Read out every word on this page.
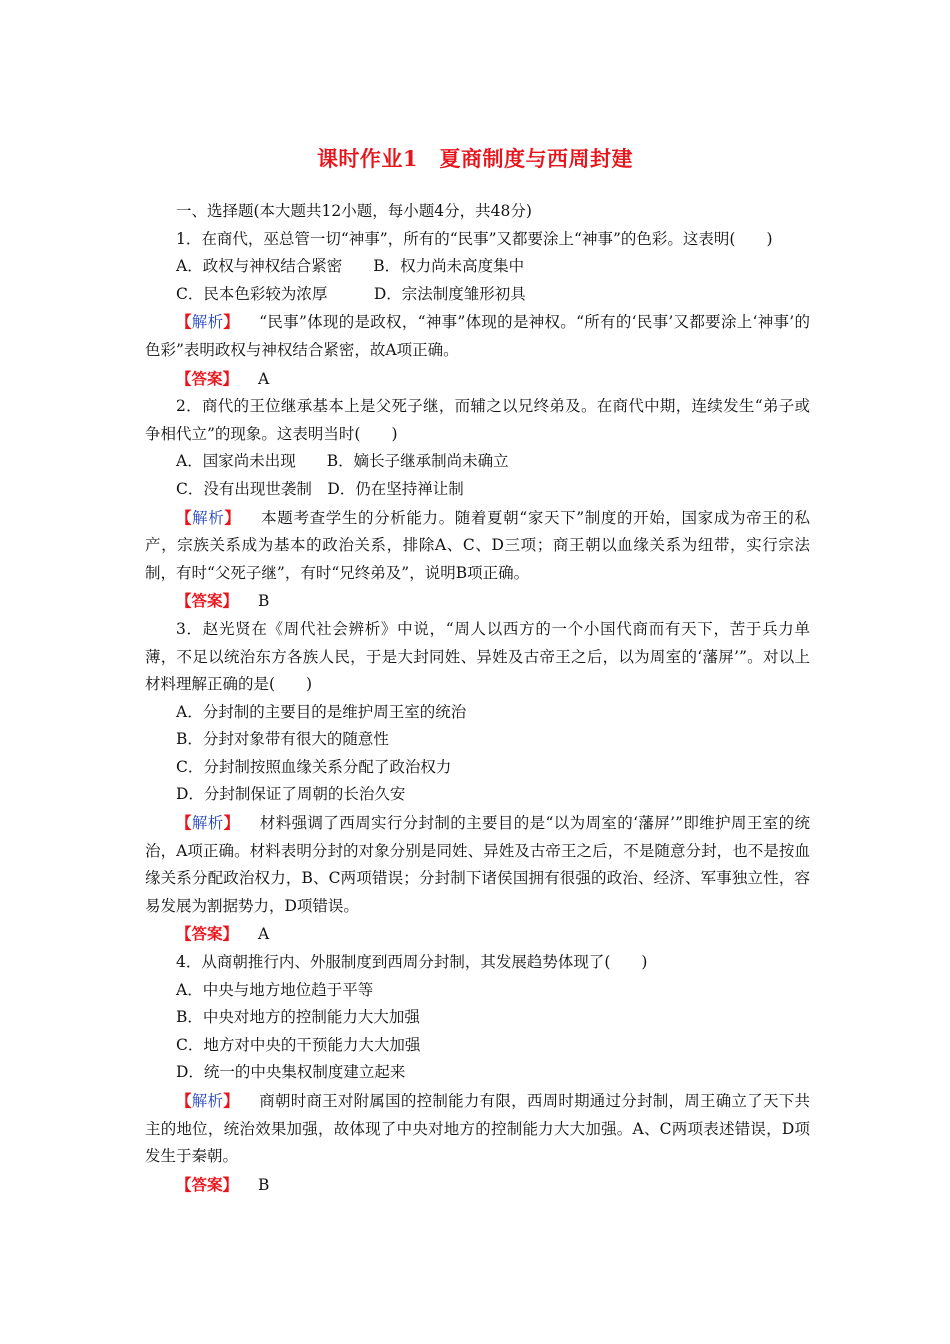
课时作业1　夏商制度与西周封建

一、选择题(本大题共12小题，每小题4分，共48分)

1．在商代，巫总管一切“神事”，所有的“民事”又都要涂上“神事”的色彩。这表明(　　)

A．政权与神权结合紧密　　B．权力尚未高度集中

C．民本色彩较为浓厚　　　D．宗法制度雏形初具

【解析】 “民事”体现的是政权，“神事”体现的是神权。“所有的‘民事’又都要涂上‘神事’的色彩”表明政权与神权结合紧密，故A项正确。

【答案】 A

2．商代的王位继承基本上是父死子继，而辅之以兄终弟及。在商代中期，连续发生“弟子或争相代立”的现象。这表明当时(　　)

A．国家尚未出现　　B．嫡长子继承制尚未确立

C．没有出现世袭制　D．仍在坚持禅让制

【解析】 本题考查学生的分析能力。随着夏朝“家天下”制度的开始，国家成为帝王的私产，宗族关系成为基本的政治关系，排除A、C、D三项；商王朝以血缘关系为纽带，实行宗法制，有时“父死子继”，有时“兄终弟及”，说明B项正确。

【答案】 B

3．赵光贤在《周代社会辨析》中说，“周人以西方的一个小国代商而有天下，苦于兵力单薄，不足以统治东方各族人民，于是大封同姓、异姓及古帝王之后，以为周室的‘藩屏’”。对以上材料理解正确的是(　　)

A．分封制的主要目的是维护周王室的统治

B．分封对象带有很大的随意性

C．分封制按照血缘关系分配了政治权力

D．分封制保证了周朝的长治久安

【解析】 材料强调了西周实行分封制的主要目的是“以为周室的‘藩屏’”即维护周王室的统治，A项正确。材料表明分封的对象分别是同姓、异姓及古帝王之后，不是随意分封，也不是按血缘关系分配政治权力，B、C两项错误；分封制下诸侯国拥有很强的政治、经济、军事独立性，容易发展为割据势力，D项错误。

【答案】 A

4．从商朝推行内、外服制度到西周分封制，其发展趋势体现了(　　)

A．中央与地方地位趋于平等

B．中央对地方的控制能力大大加强

C．地方对中央的干预能力大大加强

D．统一的中央集权制度建立起来

【解析】 商朝时商王对附属国的控制能力有限，西周时期通过分封制，周王确立了天下共主的地位，统治效果加强，故体现了中央对地方的控制能力大大加强。A、C两项表述错误，D项发生于秦朝。

【答案】 B
